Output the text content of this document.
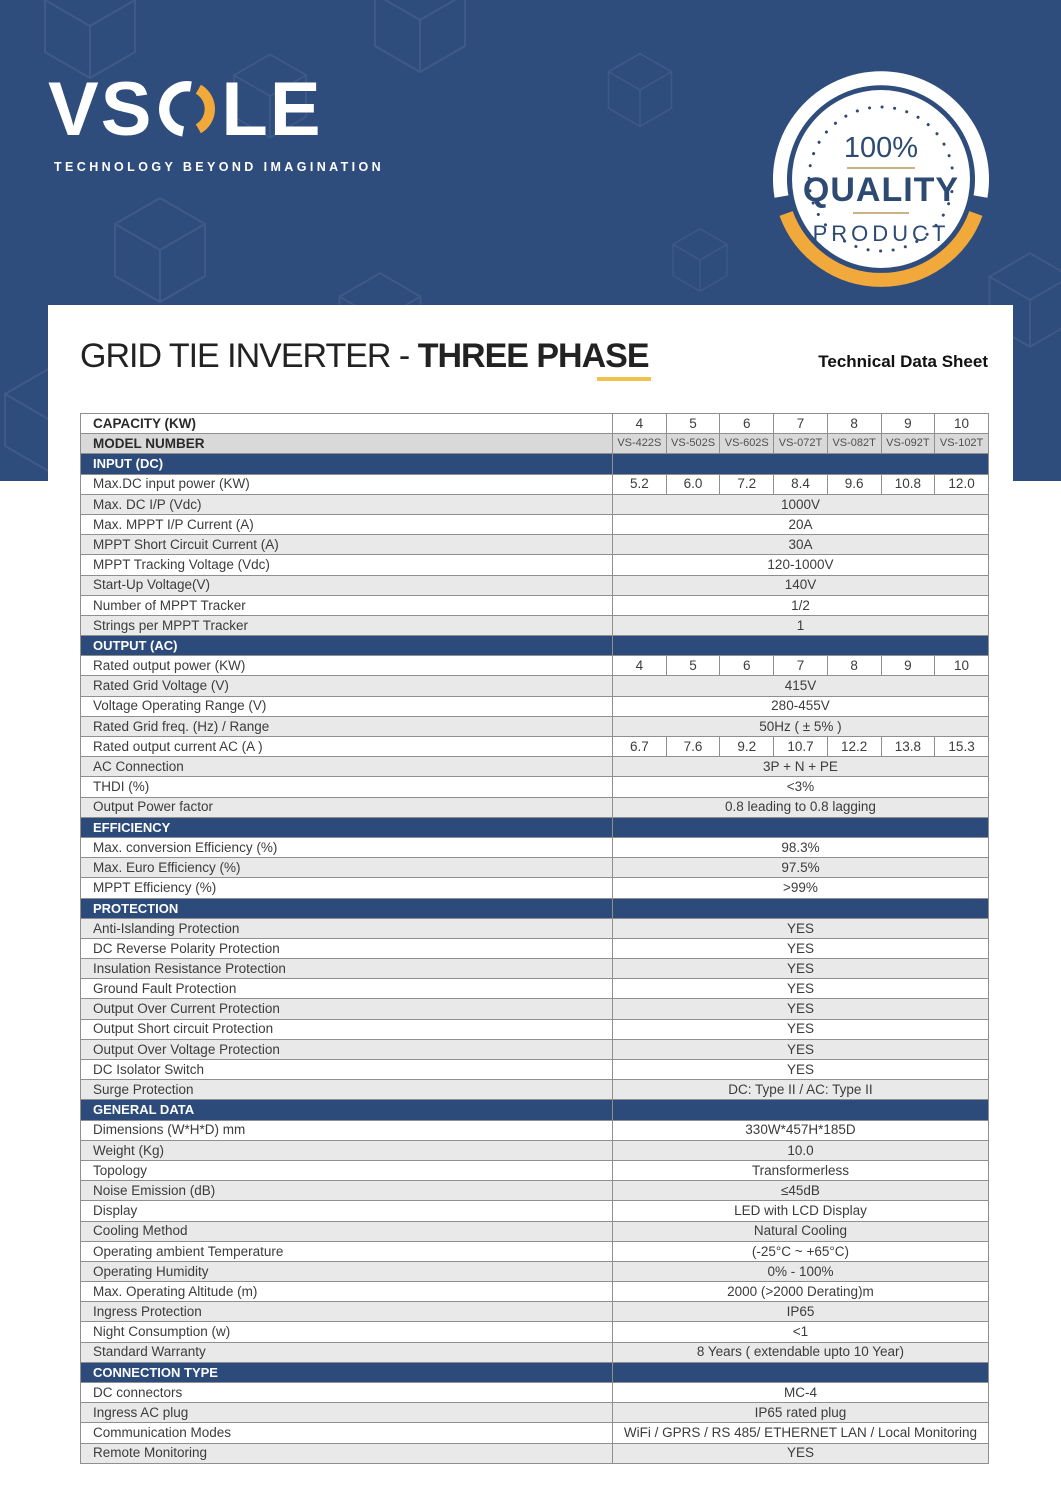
VS LE
TECHNOLOGY BEYOND IMAGINATION
100%
QUALITY
PRODUCT
GRID TIE INVERTER - THREE PHASE	Technical Data Sheet
CAPACITY (KW)	4	5	6	7	8	9	10
MODEL NUMBER	VS-422S	VS-502S	VS-602S	VS-072T	VS-082T	VS-092T	VS-102T
INPUT (DC)							
Max.DC input power (KW)	5.2	6.0	7.2	8.4	9.6	10.8	12.0
Max. DC I/P (Vdc)	1000V						
Max. MPPT I/P Current (A)	20A						
MPPT Short Circuit Current (A)	30A						
MPPT Tracking Voltage (Vdc)	120-1000V						
Start-Up Voltage(V)	140V						
Number of MPPT Tracker	1/2						
Strings per MPPT Tracker	1						
OUTPUT (AC)							
Rated output power (KW)	4	5	6	7	8	9	10
Rated Grid Voltage (V)	415V						
Voltage Operating Range (V)	280-455V						
Rated Grid freq. (Hz) / Range	50Hz ( ± 5% )						
Rated output current AC (A )	6.7	7.6	9.2	10.7	12.2	13.8	15.3
AC Connection	3P + N + PE						
THDI (%)	<3%						
Output Power factor	0.8 leading to 0.8 lagging						
EFFICIENCY							
Max. conversion Efficiency (%)	98.3%						
Max. Euro Efficiency (%)	97.5%						
MPPT Efficiency (%)	>99%						
PROTECTION							
Anti-Islanding Protection	YES						
DC Reverse Polarity Protection	YES						
Insulation Resistance Protection	YES						
Ground Fault Protection	YES						
Output Over Current Protection	YES						
Output Short circuit Protection	YES						
Output Over Voltage Protection	YES						
DC Isolator Switch	YES						
Surge Protection	DC: Type II / AC: Type II						
GENERAL DATA							
Dimensions (W*H*D) mm	330W*457H*185D						
Weight (Kg)	10.0						
Topology	Transformerless						
Noise Emission (dB)	≤45dB						
Display	LED with LCD Display						
Cooling Method	Natural Cooling						
Operating ambient Temperature	(-25°C ~ +65°C)						
Operating Humidity	0% - 100%						
Max. Operating Altitude (m)	2000 (>2000 Derating)m						
Ingress Protection	IP65						
Night Consumption (w)	<1						
Standard Warranty	8 Years ( extendable upto 10 Year)						
CONNECTION TYPE							
DC connectors	MC-4						
Ingress AC plug	IP65 rated plug						
Communication Modes	WiFi / GPRS / RS 485/ ETHERNET LAN / Local Monitoring						
Remote Monitoring	YES						
